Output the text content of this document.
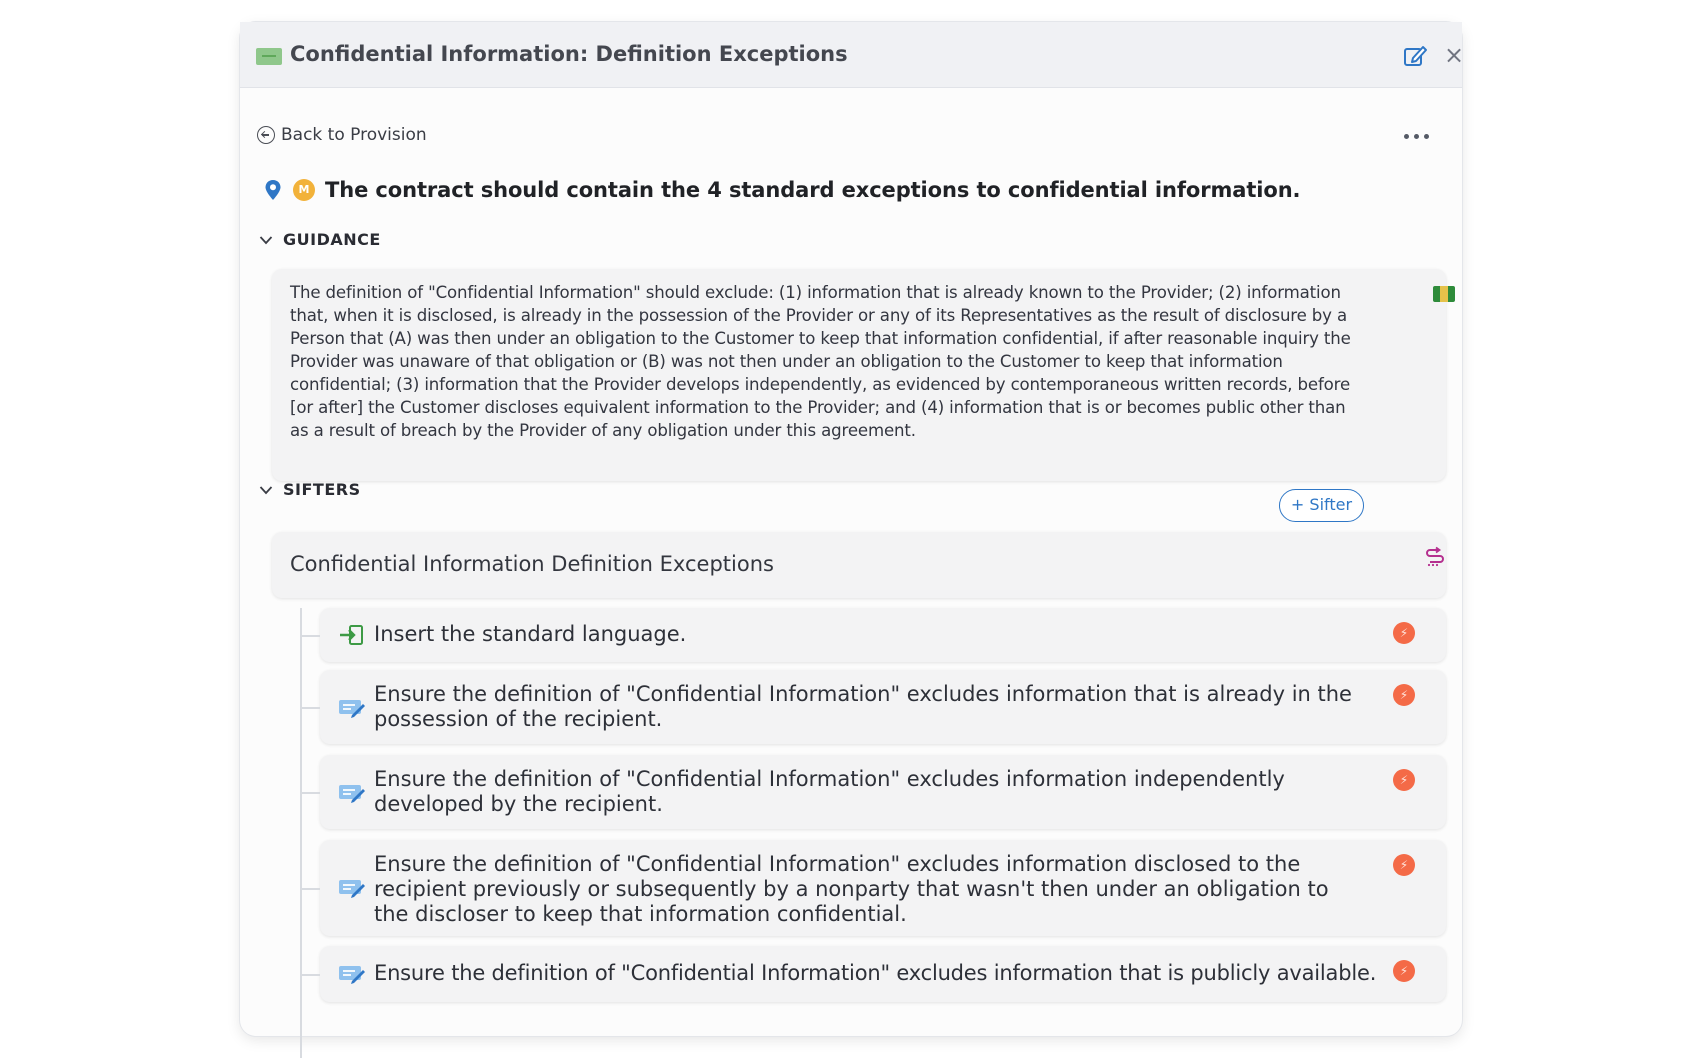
Confidential Information: Definition Exceptions	×
Back to Provision
M The contract should contain the 4 standard exceptions to confidential information.
GUIDANCE
The definition of "Confidential Information" should exclude: (1) information that is already known to the Provider; (2) information that, when it is disclosed, is already in the possession of the Provider or any of its Representatives as the result of disclosure by a Person that (A) was then under an obligation to the Customer to keep that information confidential, if after reasonable inquiry the Provider was unaware of that obligation or (B) was not then under an obligation to the Customer to keep that information confidential; (3) information that the Provider develops independently, as evidenced by contemporaneous written records, before [or after] the Customer discloses equivalent information to the Provider; and (4) information that is or becomes public other than as a result of breach by the Provider of any obligation under this agreement.
SIFTERS
+ Sifter
Confidential Information Definition Exceptions
Insert the standard language.	⚡
Ensure the definition of "Confidential Information" excludes information that is already in the possession of the recipient.
⚡
Ensure the definition of "Confidential Information" excludes information independently developed by the recipient.
⚡
Ensure the definition of "Confidential Information" excludes information disclosed to the recipient previously or subsequently by a nonparty that wasn't then under an obligation to the discloser to keep that information confidential.
⚡
Ensure the definition of "Confidential Information" excludes information that is publicly available.	⚡
